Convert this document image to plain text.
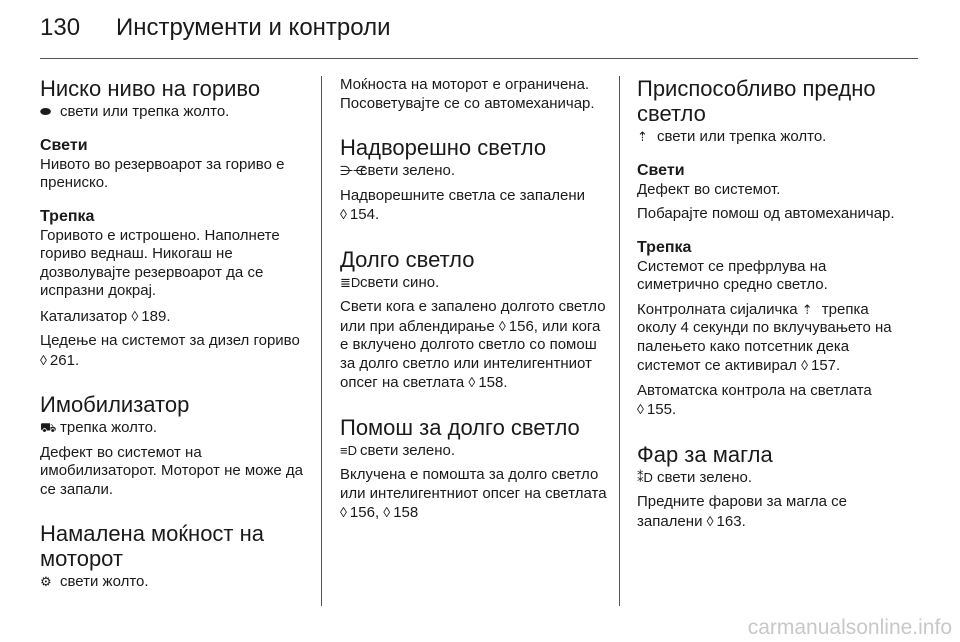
130 Инструменти и контроли
Ниско ниво на гориво
⬬ свети или трепка жолто.
Свети
Нивото во резервоарот за гориво е прениско.
Трепка
Горивото е истрошено. Наполнете гориво веднаш. Никогаш не дозволувајте резервоарот да се испразни докрај.
Катализатор ◊ 189.
Цедење на системот за дизел гориво ◊ 261.
Имобилизатор
⛟ трепка жолто.
Дефект во системот на имобилизаторот. Моторот не може да се запали.
Намалена моќност на моторот
⚙ свети жолто.
Моќноста на моторот е ограничена. Посоветувајте се со автомеханичар.
Надворешно светло
⋺⋲свети зелено.
Надворешните светла се запалени ◊ 154.
Долго светло
≣Dсвети сино.
Свети кога е запалено долгото светло или при аблендирање ◊ 156, или кога е вклучено долгото светло со помош за долго светло или интелигентниот опсег на светлата ◊ 158.
Помош за долго светло
≡D свети зелено.
Вклучена е помошта за долго светло или интелигентниот опсег на светлата ◊ 156, ◊ 158
Приспособливо предно светло
⇡ свети или трепка жолто.
Свети
Дефект во системот.
Побарајте помош од автомеханичар.
Трепка
Системот се префрлува на симетрично средно светло.
Контролната сијаличка ⇡ трепка околу 4 секунди по вклучувањето на палењето како потсетник дека системот се активирал ◊ 157.
Автоматска контрола на светлата ◊ 155.
Фар за магла
⁑D свети зелено.
Предните фарови за магла се запалени ◊ 163.
carmanualsonline.info
